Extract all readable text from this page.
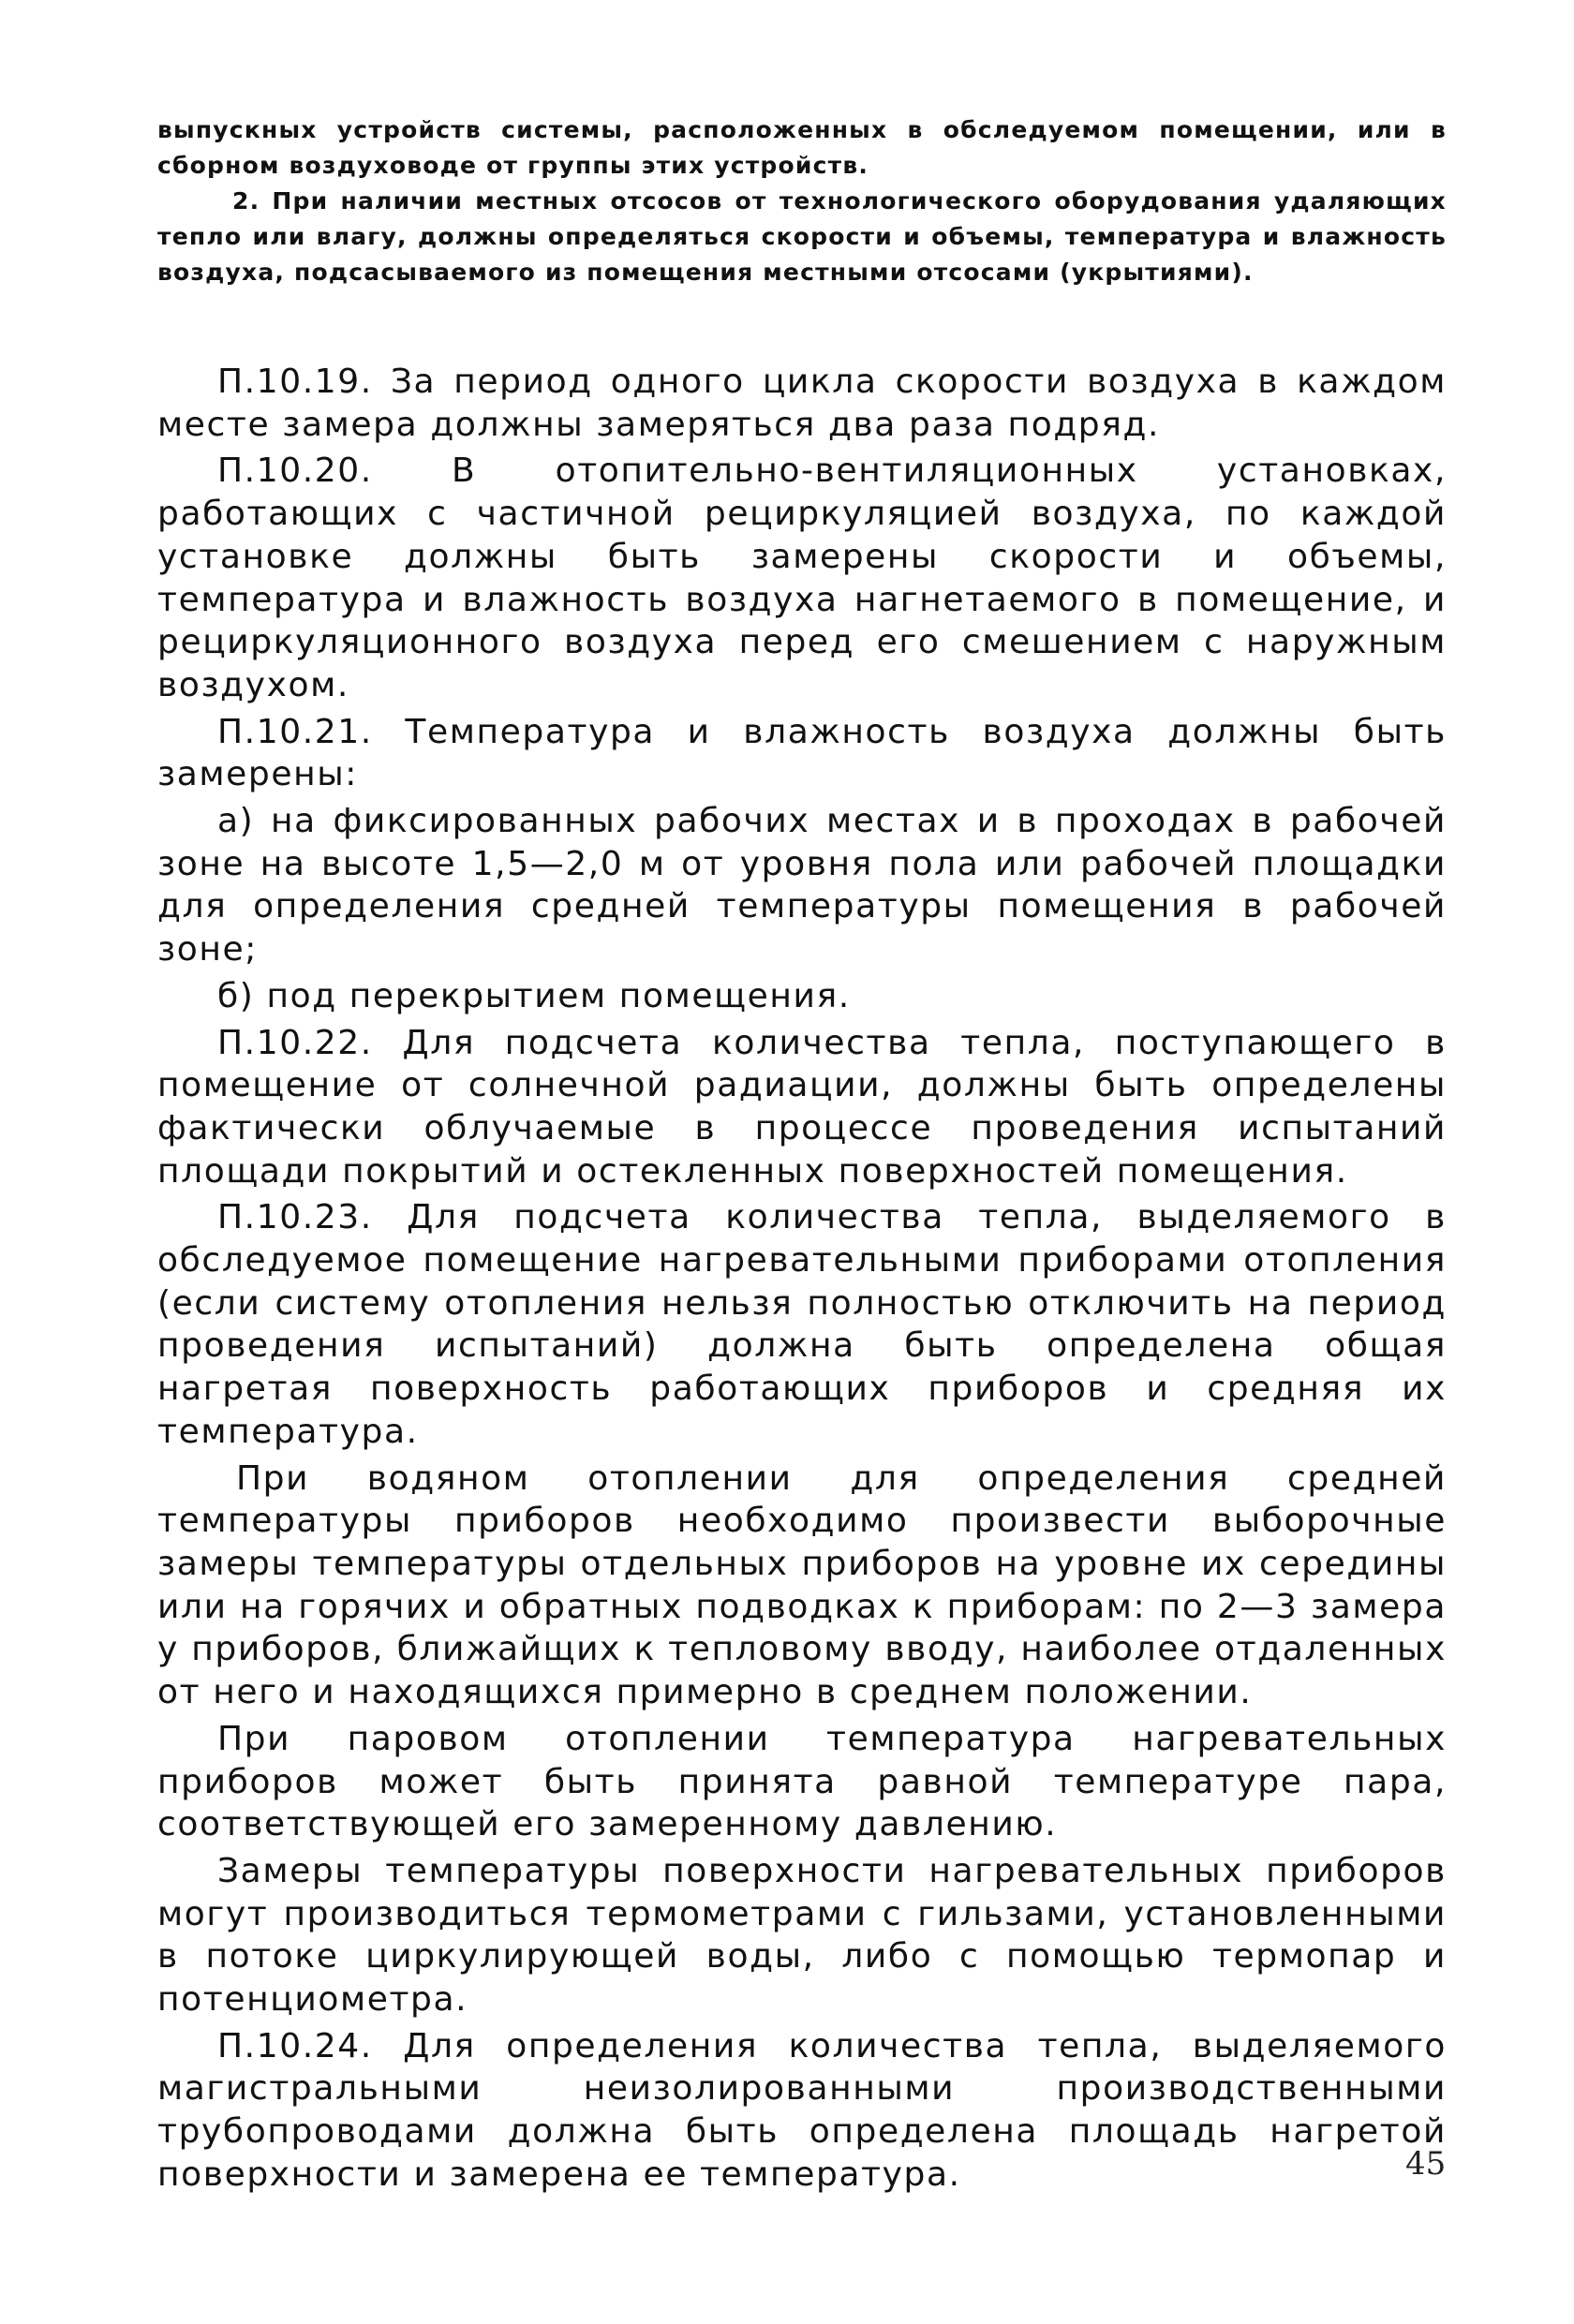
выпускных устройств системы, расположенных в обследуемом помещении, или в сборном воздуховоде от группы этих устройств.

2. При наличии местных отсосов от технологического оборудования удаляющих тепло или влагу, должны определяться скорости и объемы, температура и влажность воздуха, подсасываемого из помещения местными отсосами (укрытиями).

П.10.19. За период одного цикла скорости воздуха в каждом месте замера должны замеряться два раза подряд.

П.10.20. В отопительно-вентиляционных установках, работающих с частичной рециркуляцией воздуха, по каждой установке должны быть замерены скорости и объемы, температура и влажность воздуха нагнетаемого в помещение, и рециркуляционного воздуха перед его смешением с наружным воздухом.

П.10.21. Температура и влажность воздуха должны быть замерены:

а) на фиксированных рабочих местах и в проходах в рабочей зоне на высоте 1,5—2,0 м от уровня пола или рабочей площадки для определения средней температуры помещения в рабочей зоне;

б) под перекрытием помещения.

П.10.22. Для подсчета количества тепла, поступающего в помещение от солнечной радиации, должны быть определены фактически облучаемые в процессе проведения испытаний площади покрытий и остекленных поверхностей помещения.

П.10.23. Для подсчета количества тепла, выделяемого в обследуемое помещение нагревательными приборами отопления (если систему отопления нельзя полностью отключить на период проведения испытаний) должна быть определена общая нагретая поверхность работающих приборов и средняя их температура.

При водяном отоплении для определения средней температуры приборов необходимо произвести выборочные замеры температуры отдельных приборов на уровне их середины или на горячих и обратных подводках к приборам: по 2—3 замера у приборов, ближайщих к тепловому вводу, наиболее отдаленных от него и находящихся примерно в среднем положении.

При паровом отоплении температура нагревательных приборов может быть принята равной температуре пара, соответствующей его замеренному давлению.

Замеры температуры поверхности нагревательных приборов могут производиться термометрами с гильзами, установленными в потоке циркулирующей воды, либо с помощью термопар и потенциометра.

П.10.24. Для определения количества тепла, выделяемого магистральными неизолированными производственными трубопроводами должна быть определена площадь нагретой поверхности и замерена ее температура.	45
